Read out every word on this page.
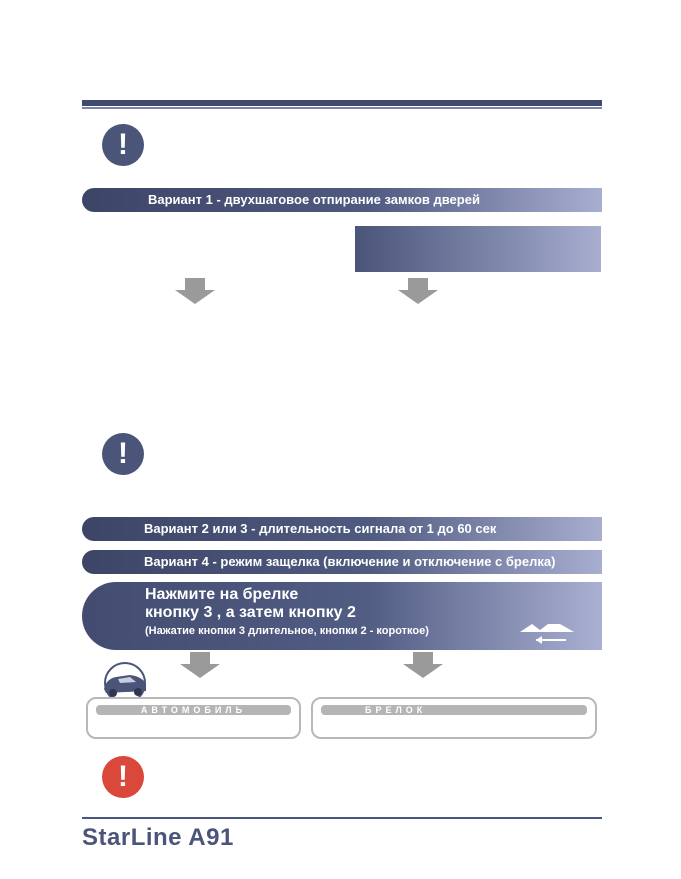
!
Вариант 1 - двухшаговое отпирание замков дверей
!
Вариант 2 или 3 - длительность сигнала от 1 до 60 сек
Вариант 4 - режим защелка (включение и отключение с брелка)
Нажмите на брелке
кнопку 3 , а затем кнопку 2
(Нажатие кнопки 3 длительное, кнопки 2 - короткое)
АВТОМОБИЛЬ	БРЕЛОК
!
StarLine A91
